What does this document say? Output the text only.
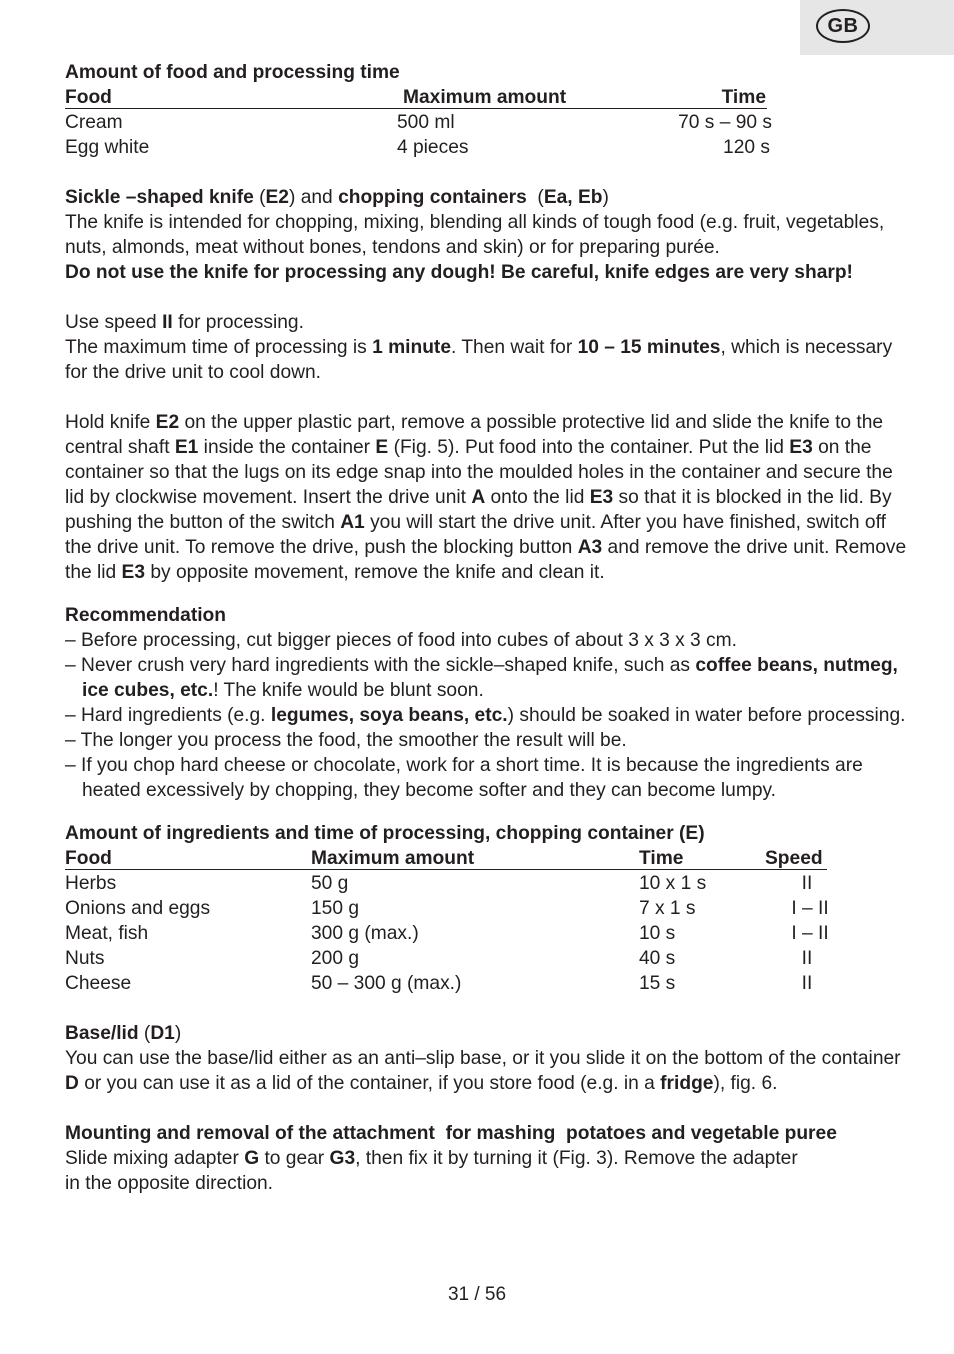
GB

Amount of food and processing time

Food	Maximum amount	Time
Cream	500 ml	70 s – 90 s
Egg white	4 pieces	120 s

Sickle –shaped knife (E2) and chopping containers  (Ea, Eb)

The knife is intended for chopping, mixing, blending all kinds of tough food (e.g. fruit, vegetables, nuts, almonds, meat without bones, tendons and skin) or for preparing purée.

Do not use the knife for processing any dough! Be careful, knife edges are very sharp!

Use speed II for processing.

The maximum time of processing is 1 minute. Then wait for 10 – 15 minutes, which is necessary for the drive unit to cool down.

Hold knife E2 on the upper plastic part, remove a possible protective lid and slide the knife to the central shaft E1 inside the container E (Fig. 5). Put food into the container. Put the lid E3 on the container so that the lugs on its edge snap into the moulded holes in the container and secure the lid by clockwise movement. Insert the drive unit A onto the lid E3 so that it is blocked in the lid. By pushing the button of the switch A1 you will start the drive unit. After you have finished, switch off the drive unit. To remove the drive, push the blocking button A3 and remove the drive unit. Remove the lid E3 by opposite movement, remove the knife and clean it.

Recommendation

– Before processing, cut bigger pieces of food into cubes of about 3 x 3 x 3 cm.

– Never crush very hard ingredients with the sickle–shaped knife, such as coffee beans, nutmeg, ice cubes, etc.! The knife would be blunt soon.

– Hard ingredients (e.g. legumes, soya beans, etc.) should be soaked in water before processing.

– The longer you process the food, the smoother the result will be.

– If you chop hard cheese or chocolate, work for a short time. It is because the ingredients are heated excessively by chopping, they become softer and they can become lumpy.

Amount of ingredients and time of processing, chopping container (E)

Food	Maximum amount	Time	Speed
Herbs	50 g	10 x 1 s	II
Onions and eggs	150 g	7 x 1 s	I – II
Meat, fish	300 g (max.)	10 s	I – II
Nuts	200 g	40 s	II
Cheese	50 – 300 g (max.)	15 s	II

Base/lid (D1)

You can use the base/lid either as an anti–slip base, or it you slide it on the bottom of the container D or you can use it as a lid of the container, if you store food (e.g. in a fridge), fig. 6.

Mounting and removal of the attachment  for mashing  potatoes and vegetable puree

Slide mixing adapter G to gear G3, then fix it by turning it (Fig. 3). Remove the adapter

in the opposite direction.

31 / 56
